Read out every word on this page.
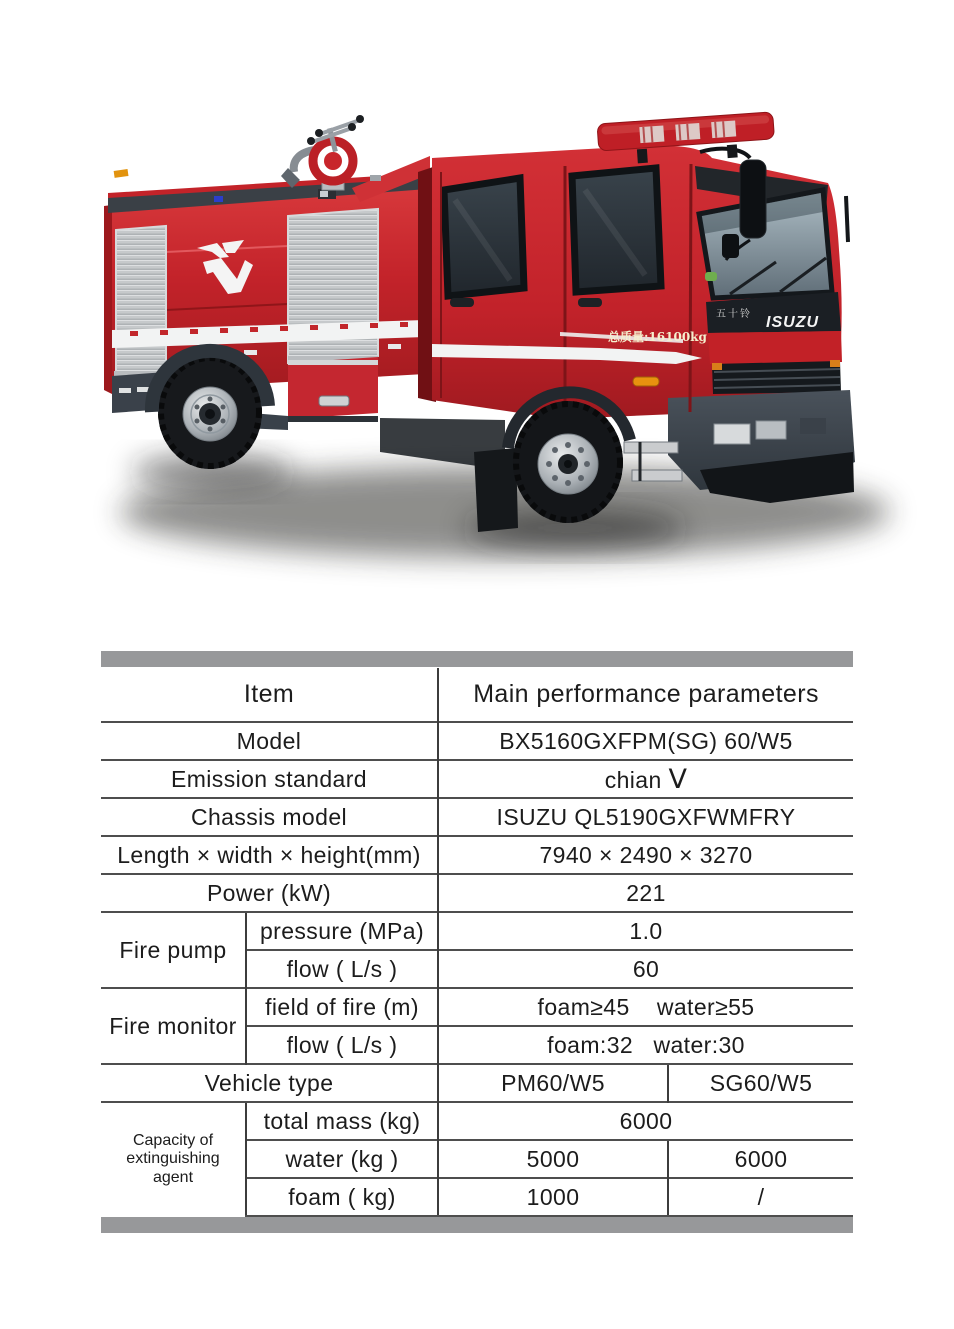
五十铃 ISUZU
总质量:16100kg
Item		Main performance parameters	
Model		BX5160GXFPM(SG) 60/W5	
Emission standard		chian Ⅴ	
Chassis model		ISUZU QL5190GXFWMFRY	
Length × width × height(mm)		7940 × 2490 × 3270	
Power (kW)		221	
Fire pump	pressure (MPa)	1.0	
	flow ( L/s )	60	
Fire monitor	field of fire (m)	foam≥45    water≥55	
	flow ( L/s )	foam:32   water:30	
Vehicle type		PM60/W5	SG60/W5
Capacity of extinguishing agent	total mass (kg)	6000	
	water (kg )	5000	6000
	foam ( kg)	1000	/
